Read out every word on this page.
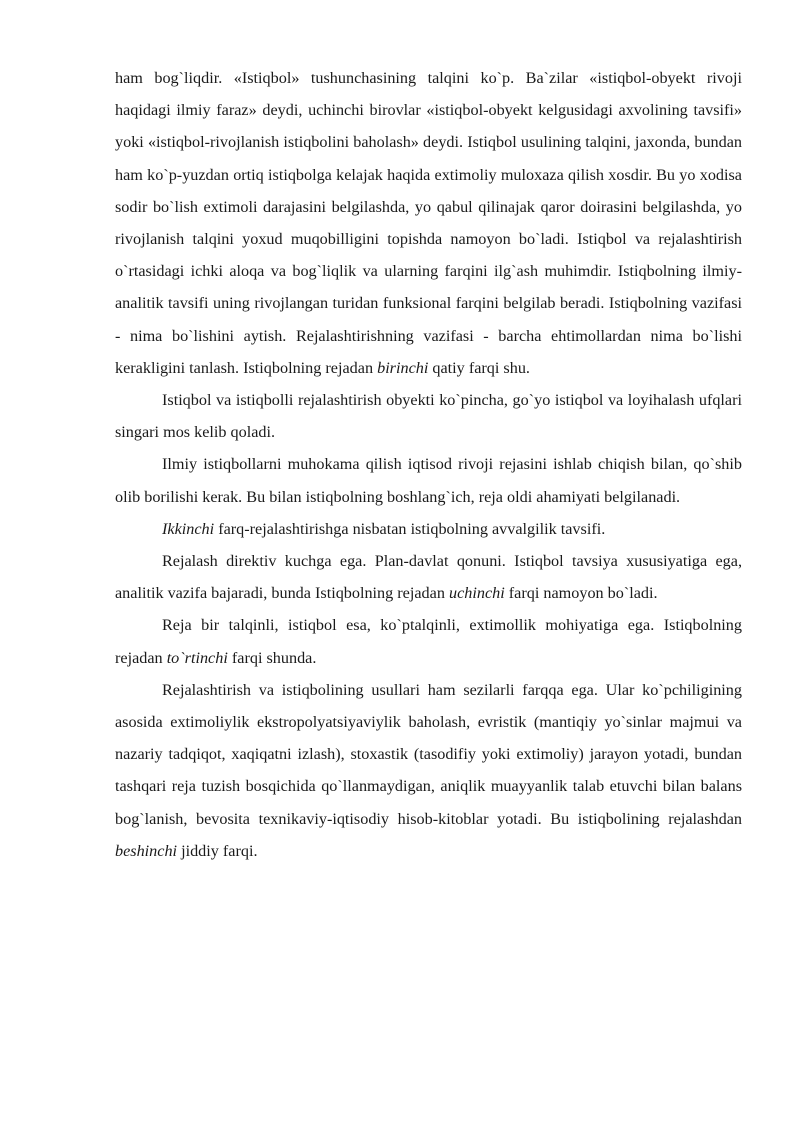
ham bog`liqdir. «Istiqbol» tushunchasining talqini ko`p. Ba`zilar «istiqbol-obyekt rivoji haqidagi ilmiy faraz» deydi, uchinchi birovlar «istiqbol-obyekt kelgusidagi axvolining tavsifi» yoki «istiqbol-rivojlanish istiqbolini baholash» deydi. Istiqbol usulining talqini, jaxonda, bundan ham ko`p-yuzdan ortiq istiqbolga kelajak haqida extimoliy muloxaza qilish xosdir. Bu yo xodisa sodir bo`lish extimoli darajasini belgilashda, yo qabul qilinajak qaror doirasini belgilashda, yo rivojlanish talqini yoxud muqobilligini topishda namoyon bo`ladi. Istiqbol va rejalashtirish o`rtasidagi ichki aloqa va bog`liqlik va ularning farqini ilg`ash muhimdir. Istiqbolning ilmiy-analitik tavsifi uning rivojlangan turidan funksional farqini belgilab beradi. Istiqbolning vazifasi - nima bo`lishini aytish. Rejalashtirishning vazifasi - barcha ehtimollardan nima bo`lishi kerakligini tanlash. Istiqbolning rejadan birinchi qatiy farqi shu.

Istiqbol va istiqbolli rejalashtirish obyekti ko`pincha, go`yo istiqbol va loyihalash ufqlari singari mos kelib qoladi.

Ilmiy istiqbollarni muhokama qilish iqtisod rivoji rejasini ishlab chiqish bilan, qo`shib olib borilishi kerak. Bu bilan istiqbolning boshlang`ich, reja oldi ahamiyati belgilanadi.

Ikkinchi farq-rejalashtirishga nisbatan istiqbolning avvalgilik tavsifi.

Rejalash direktiv kuchga ega. Plan-davlat qonuni. Istiqbol tavsiya xususiyatiga ega, analitik vazifa bajaradi, bunda Istiqbolning rejadan uchinchi farqi namoyon bo`ladi.

Reja bir talqinli, istiqbol esa, ko`ptalqinli, extimollik mohiyatiga ega. Istiqbolning rejadan to`rtinchi farqi shunda.

Rejalashtirish va istiqbolining usullari ham sezilarli farqqa ega. Ular ko`pchiligining asosida extimoliylik ekstropolyatsiyaviylik baholash, evristik (mantiqiy yo`sinlar majmui va nazariy tadqiqot, xaqiqatni izlash), stoxastik (tasodifiy yoki extimoliy) jarayon yotadi, bundan tashqari reja tuzish bosqichida qo`llanmaydigan, aniqlik muayyanlik talab etuvchi bilan balans bog`lanish, bevosita texnikaviy-iqtisodiy hisob-kitoblar yotadi. Bu istiqbolining rejalashdan beshinchi jiddiy farqi.
